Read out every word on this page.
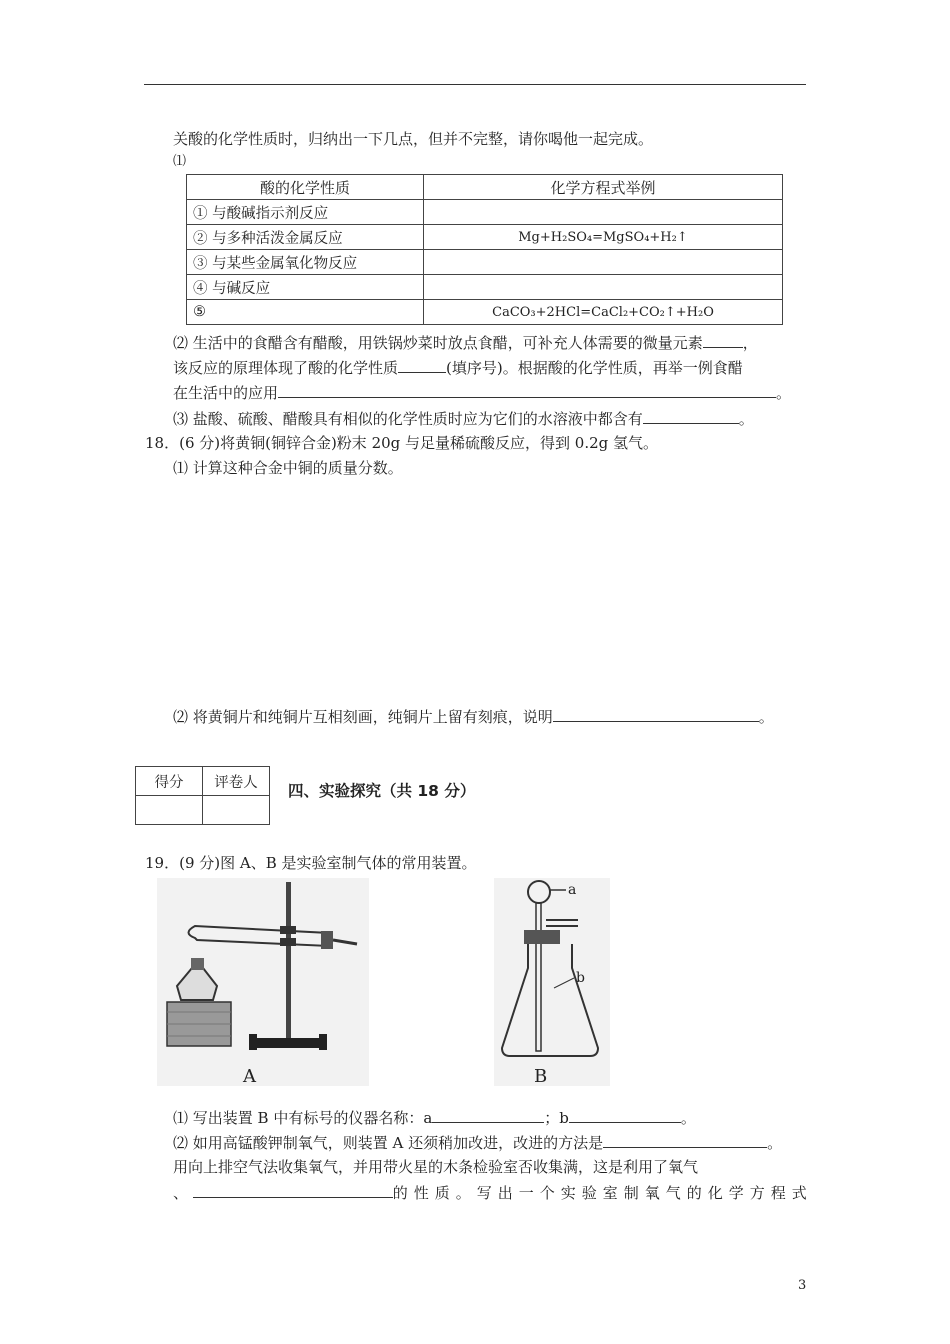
关酸的化学性质时，归纳出一下几点，但并不完整，请你喝他一起完成。
⑴
酸的化学性质	化学方程式举例
① 与酸碱指示剂反应	
② 与多种活泼金属反应	Mg+H₂SO₄=MgSO₄+H₂↑
③ 与某些金属氧化物反应	
④ 与碱反应	
⑤	CaCO₃+2HCl=CaCl₂+CO₂↑+H₂O
⑵ 生活中的食醋含有醋酸，用铁锅炒菜时放点食醋，可补充人体需要的微量元素	，
该反应的原理体现了酸的化学性质	(填序号)。根据酸的化学性质，再举一例食醋
在生活中的应用	。
⑶ 盐酸、硫酸、醋酸具有相似的化学性质时应为它们的水溶液中都含有	。
18．(6 分)将黄铜(铜锌合金)粉末 20g 与足量稀硫酸反应，得到 0.2g 氢气。
⑴ 计算这种合金中铜的质量分数。
⑵ 将黄铜片和纯铜片互相刻画，纯铜片上留有刻痕，说明	。
得分	评卷人
	四、实验探究（共 18 分）
19．(9 分)图 A、B 是实验室制气体的常用装置。
A
a
b
B
⑴ 写出装置 B 中有标号的仪器名称：a	；b	。
⑵ 如用高锰酸钾制氧气，则装置 A 还须稍加改进，改进的方法是	。
用向上排空气法收集氧气，并用带火星的木条检验室否收集满，这是利用了氧气
、	的性质。写出一个实验室制氧气的化学方程式
3
